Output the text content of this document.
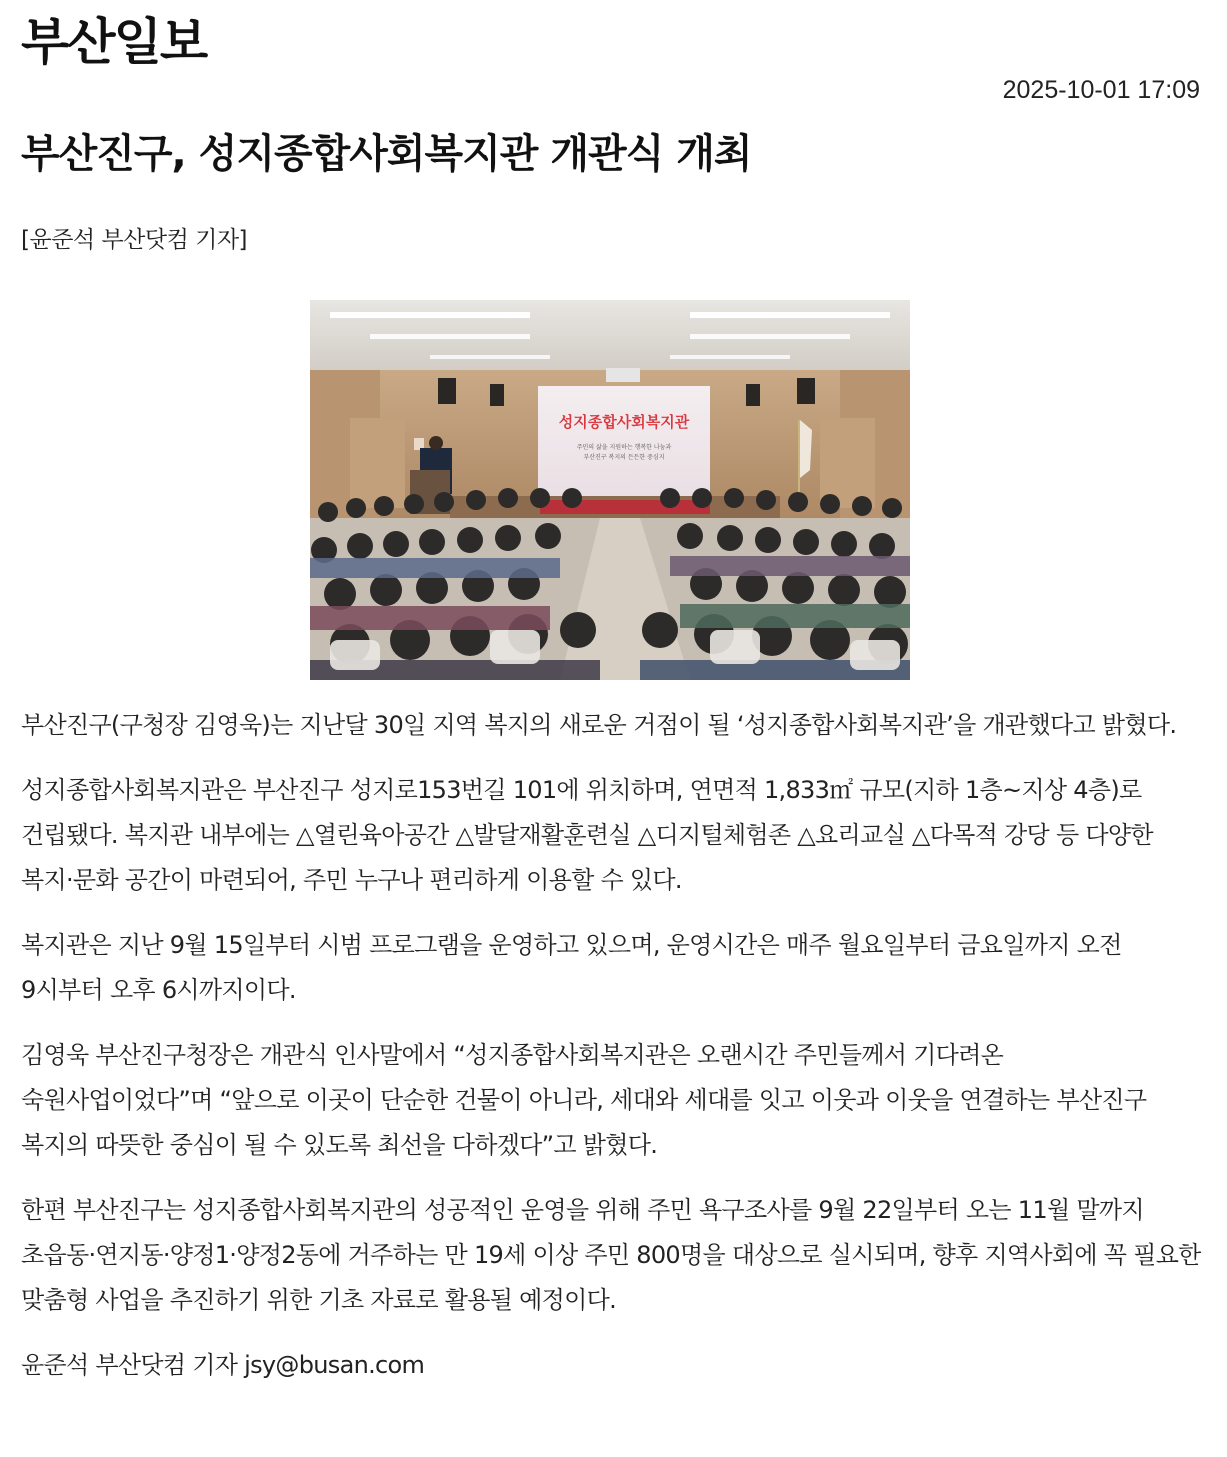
부산일보
2025-10-01 17:09
부산진구, 성지종합사회복지관 개관식 개최
[윤준석 부산닷컴 기자]
성지종합사회복지관
주민의 삶을 지원하는 행복한 나눔과
부산진구 복지의 든든한 중심지

부산진구(구청장 김영욱)는 지난달 30일 지역 복지의 새로운 거점이 될 ‘성지종합사회복지관’을 개관했다고 밝혔다.

성지종합사회복지관은 부산진구 성지로153번길 101에 위치하며, 연면적 1,833㎡ 규모(지하 1층~지상 4층)로 건립됐다. 복지관 내부에는 △열린육아공간 △발달재활훈련실 △디지털체험존 △요리교실 △다목적 강당 등 다양한 복지·문화 공간이 마련되어, 주민 누구나 편리하게 이용할 수 있다.

복지관은 지난 9월 15일부터 시범 프로그램을 운영하고 있으며, 운영시간은 매주 월요일부터 금요일까지 오전 9시부터 오후 6시까지이다.

김영욱 부산진구청장은 개관식 인사말에서 “성지종합사회복지관은 오랜시간 주민들께서 기다려온 숙원사업이었다”며 “앞으로 이곳이 단순한 건물이 아니라, 세대와 세대를 잇고 이웃과 이웃을 연결하는 부산진구 복지의 따뜻한 중심이 될 수 있도록 최선을 다하겠다”고 밝혔다.

한편 부산진구는 성지종합사회복지관의 성공적인 운영을 위해 주민 욕구조사를 9월 22일부터 오는 11월 말까지 초읍동·연지동·양정1·양정2동에 거주하는 만 19세 이상 주민 800명을 대상으로 실시되며, 향후 지역사회에 꼭 필요한 맞춤형 사업을 추진하기 위한 기초 자료로 활용될 예정이다.

윤준석 부산닷컴 기자 jsy@busan.com
